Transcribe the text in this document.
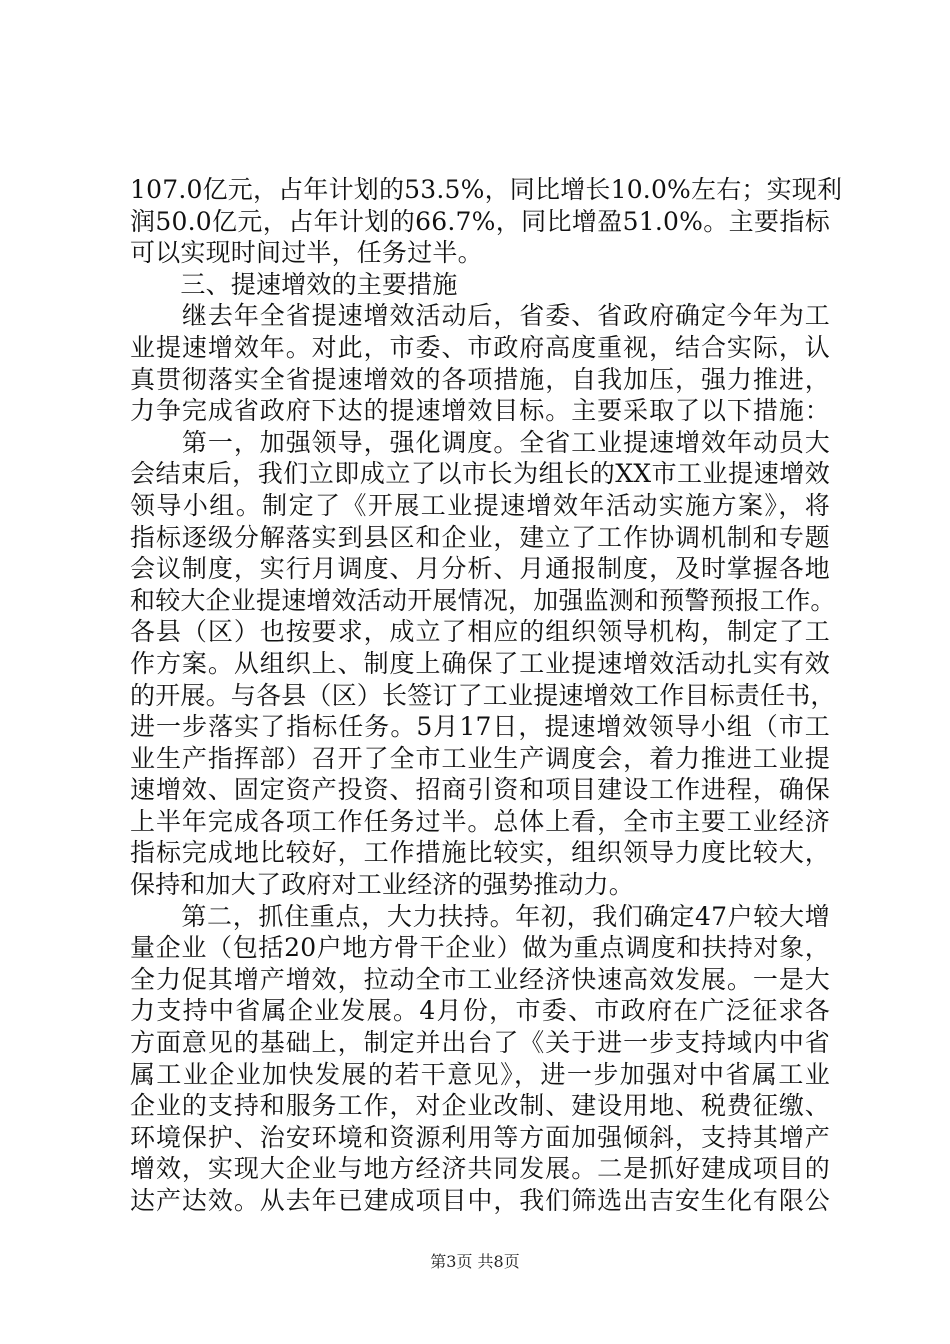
107.0亿元，占年计划的53.5%，同比增长10.0%左右；实现利
润50.0亿元，占年计划的66.7%，同比增盈51.0%。主要指标
可以实现时间过半，任务过半。
　　三、提速增效的主要措施
　　继去年全省提速增效活动后，省委、省政府确定今年为工
业提速增效年。对此，市委、市政府高度重视，结合实际，认
真贯彻落实全省提速增效的各项措施，自我加压，强力推进，
力争完成省政府下达的提速增效目标。主要采取了以下措施：
　　第一，加强领导，强化调度。全省工业提速增效年动员大
会结束后，我们立即成立了以市长为组长的XX市工业提速增效
领导小组。制定了《开展工业提速增效年活动实施方案》，将
指标逐级分解落实到县区和企业，建立了工作协调机制和专题
会议制度，实行月调度、月分析、月通报制度，及时掌握各地
和较大企业提速增效活动开展情况，加强监测和预警预报工作。
各县（区）也按要求，成立了相应的组织领导机构，制定了工
作方案。从组织上、制度上确保了工业提速增效活动扎实有效
的开展。与各县（区）长签订了工业提速增效工作目标责任书，
进一步落实了指标任务。5月17日，提速增效领导小组（市工
业生产指挥部）召开了全市工业生产调度会，着力推进工业提
速增效、固定资产投资、招商引资和项目建设工作进程，确保
上半年完成各项工作任务过半。总体上看，全市主要工业经济
指标完成地比较好，工作措施比较实，组织领导力度比较大，
保持和加大了政府对工业经济的强势推动力。
　　第二，抓住重点，大力扶持。年初，我们确定47户较大增
量企业（包括20户地方骨干企业）做为重点调度和扶持对象，
全力促其增产增效，拉动全市工业经济快速高效发展。一是大
力支持中省属企业发展。4月份，市委、市政府在广泛征求各
方面意见的基础上，制定并出台了《关于进一步支持域内中省
属工业企业加快发展的若干意见》，进一步加强对中省属工业
企业的支持和服务工作，对企业改制、建设用地、税费征缴、
环境保护、治安环境和资源利用等方面加强倾斜，支持其增产
增效，实现大企业与地方经济共同发展。二是抓好建成项目的
达产达效。从去年已建成项目中，我们筛选出吉安生化有限公
第3页 共8页
